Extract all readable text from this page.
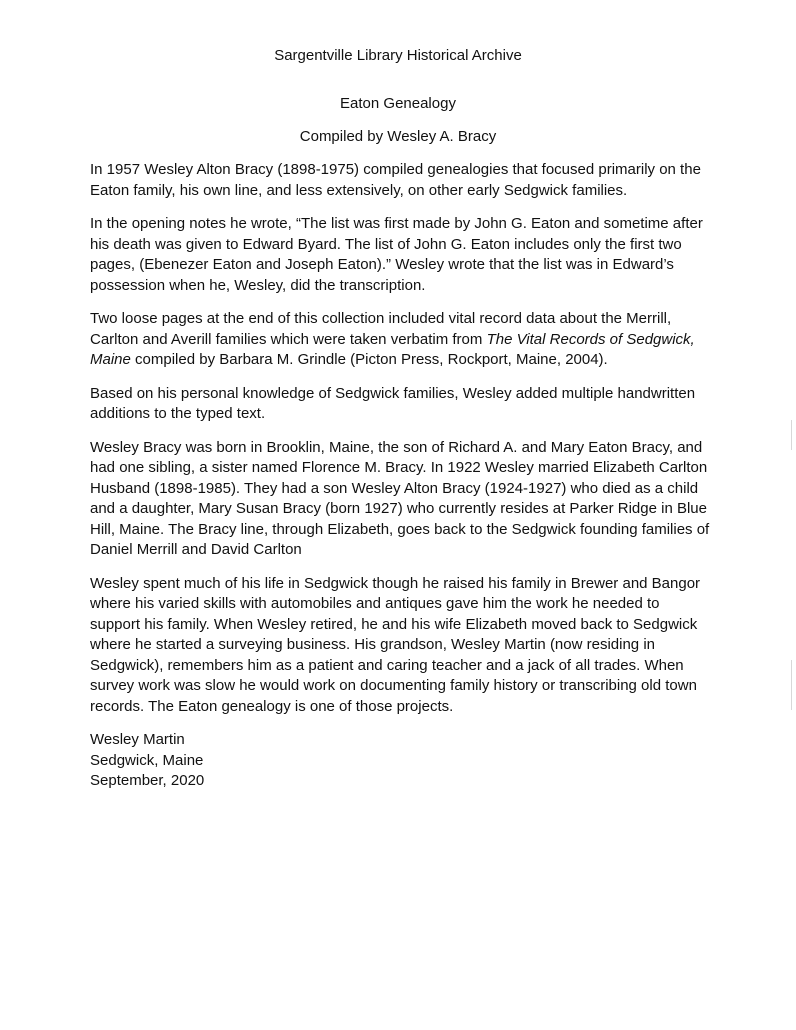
Sargentville Library Historical Archive
Eaton Genealogy
Compiled by Wesley A. Bracy

In 1957 Wesley Alton Bracy (1898-1975) compiled genealogies that focused primarily on the Eaton family, his own line, and less extensively, on other early Sedgwick families.

In the opening notes he wrote, “The list was first made by John G. Eaton and sometime after his death was given to Edward Byard. The list of John G. Eaton includes only the first two pages, (Ebenezer Eaton and Joseph Eaton).” Wesley wrote that the list was in Edward’s possession when he, Wesley, did the transcription.

Two loose pages at the end of this collection included vital record data about the Merrill, Carlton and Averill families which were taken verbatim from The Vital Records of Sedgwick, Maine compiled by Barbara M. Grindle (Picton Press, Rockport, Maine, 2004).

Based on his personal knowledge of Sedgwick families, Wesley added multiple handwritten additions to the typed text.

Wesley Bracy was born in Brooklin, Maine, the son of Richard A. and Mary Eaton Bracy, and had one sibling, a sister named Florence M. Bracy. In 1922 Wesley married Elizabeth Carlton Husband (1898-1985). They had a son Wesley Alton Bracy (1924-1927) who died as a child and a daughter, Mary Susan Bracy (born 1927) who currently resides at Parker Ridge in Blue Hill, Maine. The Bracy line, through Elizabeth, goes back to the Sedgwick founding families of Daniel Merrill and David Carlton

Wesley spent much of his life in Sedgwick though he raised his family in Brewer and Bangor where his varied skills with automobiles and antiques gave him the work he needed to support his family. When Wesley retired, he and his wife Elizabeth moved back to Sedgwick where he started a surveying business. His grandson, Wesley Martin (now residing in Sedgwick), remembers him as a patient and caring teacher and a jack of all trades. When survey work was slow he would work on documenting family history or transcribing old town records. The Eaton genealogy is one of those projects.

Wesley Martin
Sedgwick, Maine
September, 2020
